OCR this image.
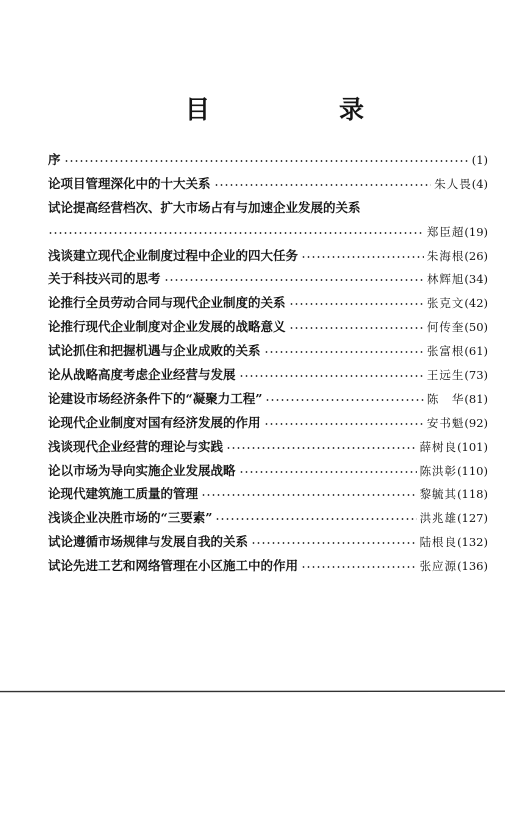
目　录
序	(1)
论项目管理深化中的十大关系	朱人畏 (4)
试论提高经营档次、扩大市场占有与加速企业发展的关系
郑臣超 (19)
浅谈建立现代企业制度过程中企业的四大任务	朱海根 (26)
关于科技兴司的思考	林辉旭 (34)
论推行全员劳动合同与现代企业制度的关系	张克文 (42)
论推行现代企业制度对企业发展的战略意义	何传奎 (50)
试论抓住和把握机遇与企业成败的关系	张富根 (61)
论从战略高度考虑企业经营与发展	王远生 (73)
论建设市场经济条件下的“凝聚力工程”	陈　华 (81)
论现代企业制度对国有经济发展的作用	安书魁 (92)
浅谈现代企业经营的理论与实践	薛树良 (101)
论以市场为导向实施企业发展战略	陈洪彰 (110)
论现代建筑施工质量的管理	黎毓其 (118)
浅谈企业决胜市场的“三要素”	洪兆雄 (127)
试论遵循市场规律与发展自我的关系	陆根良 (132)
试论先进工艺和网络管理在小区施工中的作用	张应源 (136)
